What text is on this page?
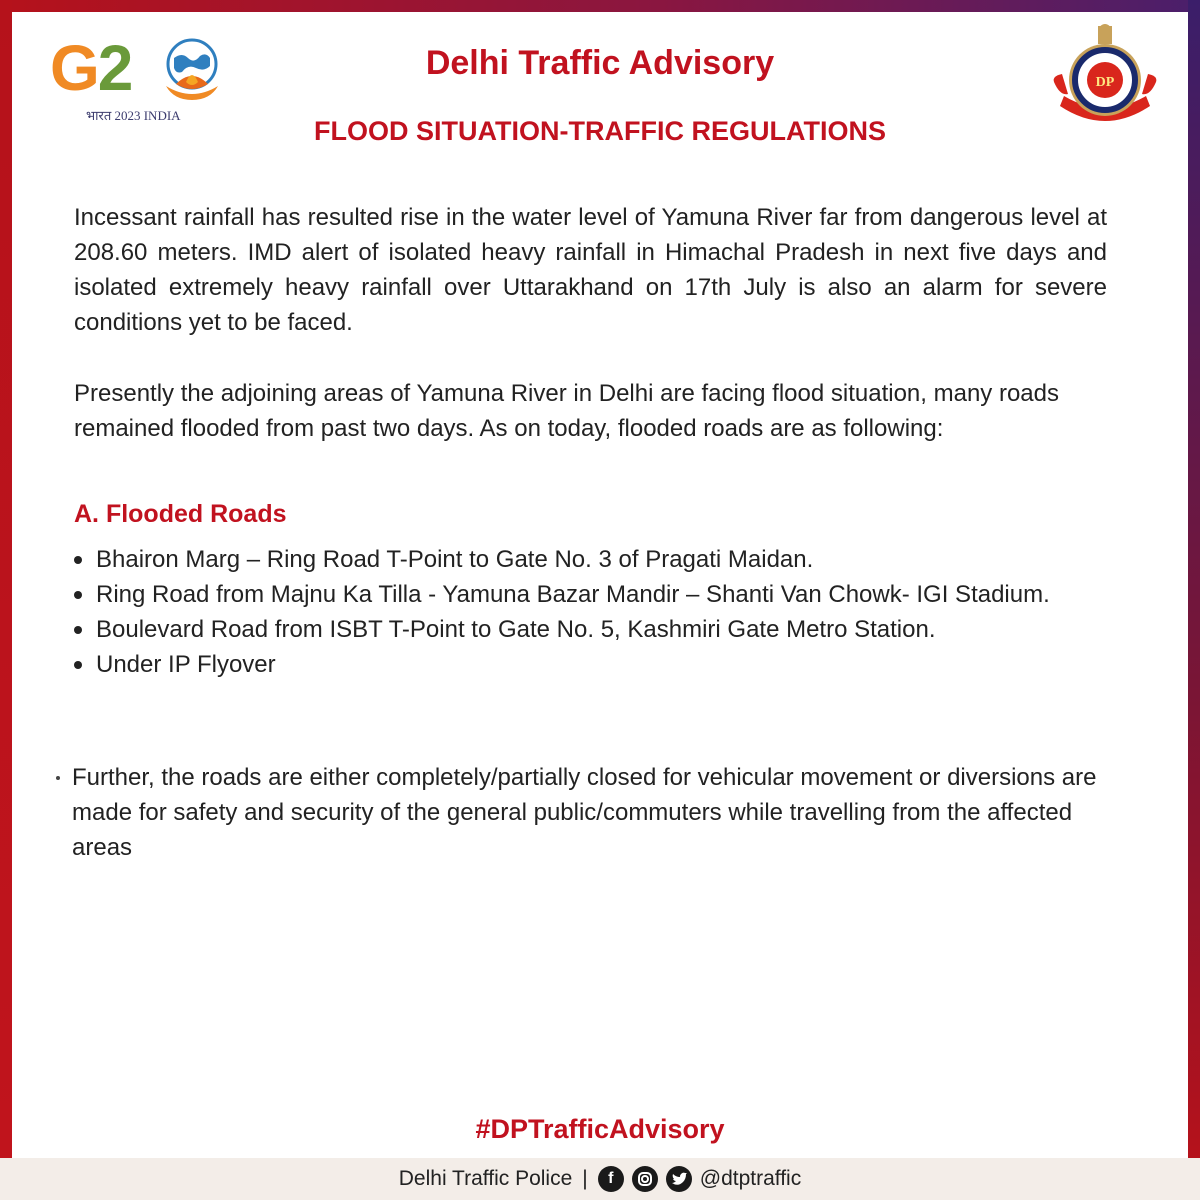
G2
भारत 2023 INDIA
DP
Delhi Traffic Advisory
FLOOD SITUATION-TRAFFIC REGULATIONS

Incessant rainfall has resulted rise in the water level of Yamuna River far from dangerous level at 208.60 meters. IMD alert of isolated heavy rainfall in Himachal Pradesh in next five days and isolated extremely heavy rainfall over Uttarakhand on 17th July is also an alarm for severe conditions yet to be faced.

Presently the adjoining areas of Yamuna River in Delhi are facing flood situation, many roads remained flooded from past two days. As on today, flooded roads are as following:

A. Flooded Roads
Bhairon Marg – Ring Road T-Point to Gate No. 3 of Pragati Maidan.
Ring Road from Majnu Ka Tilla - Yamuna Bazar Mandir – Shanti Van Chowk- IGI Stadium.
Boulevard Road from ISBT T-Point to Gate No. 5, Kashmiri Gate Metro Station.
Under IP Flyover

Further, the roads are either completely/partially closed for vehicular movement or diversions are made for safety and security of the general public/commuters while travelling from the affected areas

#DPTrafficAdvisory
Delhi Traffic Police |	f	@dtptraffic
